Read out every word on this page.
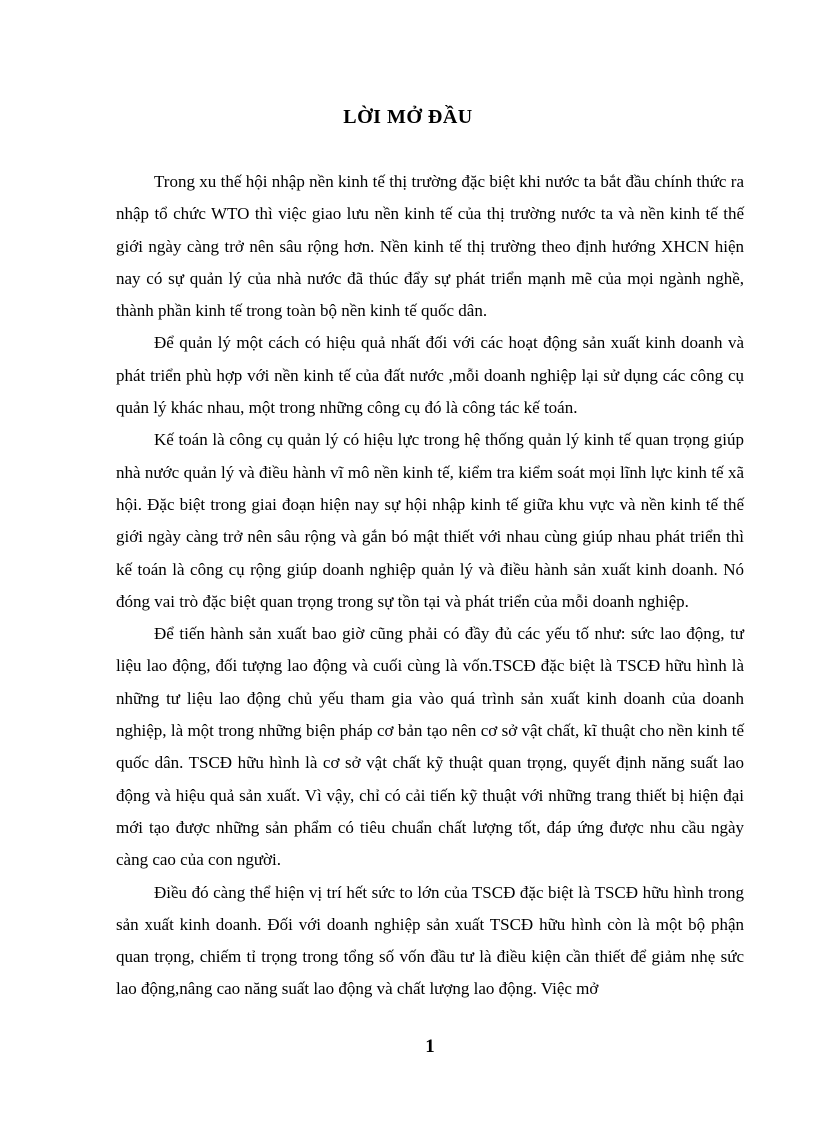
LỜI MỞ ĐẦU

Trong xu thế hội nhập nền kinh tế thị trường đặc biệt khi nước ta bắt đầu chính thức ra nhập tổ chức WTO thì việc giao lưu nền kinh tế của thị trường nước ta và nền kinh tế thế giới ngày càng trở nên sâu rộng hơn. Nền kinh tế thị trường theo định hướng XHCN hiện nay có sự quản lý của nhà nước đã thúc đẩy sự phát triển mạnh mẽ của mọi ngành nghề, thành phần kinh tế trong toàn bộ nền kinh tế quốc dân.

Để quản lý một cách có hiệu quả nhất đối với các hoạt động sản xuất kinh doanh và phát triển phù hợp với nền kinh tế của đất nước ,mỗi doanh nghiệp lại sử dụng các công cụ quản lý khác nhau, một trong những công cụ đó là công tác kế toán.

Kế toán là công cụ quản lý có hiệu lực trong hệ thống quản lý kinh tế quan trọng giúp nhà nước quản lý và điều hành vĩ mô nền kinh tế, kiểm tra kiểm soát mọi lĩnh lực kinh tế xã hội. Đặc biệt trong giai đoạn hiện nay sự hội nhập kinh tế giữa khu vực và nền kinh tế thế giới ngày càng trở nên sâu rộng và gắn bó mật thiết với nhau cùng giúp nhau phát triển thì kế toán là công cụ rộng giúp doanh nghiệp quản lý và điều hành sản xuất kinh doanh. Nó đóng vai trò đặc biệt quan trọng trong sự tồn tại và phát triển của mỗi doanh nghiệp.

Để tiến hành sản xuất bao giờ cũng phải có đầy đủ các yếu tố như: sức lao động, tư liệu lao động, đối tượng lao động và cuối cùng là vốn.TSCĐ đặc biệt là TSCĐ hữu hình là những tư liệu lao động chủ yếu tham gia vào quá trình sản xuất kinh doanh của doanh nghiệp, là một trong những biện pháp cơ bản tạo nên cơ sở vật chất, kĩ thuật cho nền kinh tế quốc dân. TSCĐ hữu hình là cơ sở vật chất kỹ thuật quan trọng, quyết định năng suất lao động và hiệu quả sản xuất. Vì vậy, chỉ có cải tiến kỹ thuật với những trang thiết bị hiện đại mới tạo được những sản phẩm có tiêu chuẩn chất lượng tốt, đáp ứng được nhu cầu ngày càng cao của con người.

Điều đó càng thể hiện vị trí hết sức to lớn của TSCĐ đặc biệt là TSCĐ hữu hình trong sản xuất kinh doanh. Đối với doanh nghiệp sản xuất TSCĐ hữu hình còn là một bộ phận quan trọng, chiếm tỉ trọng trong tổng số vốn đầu tư là điều kiện cần thiết để giảm nhẹ sức lao động,nâng cao năng suất lao động và chất lượng lao động. Việc mở

1
